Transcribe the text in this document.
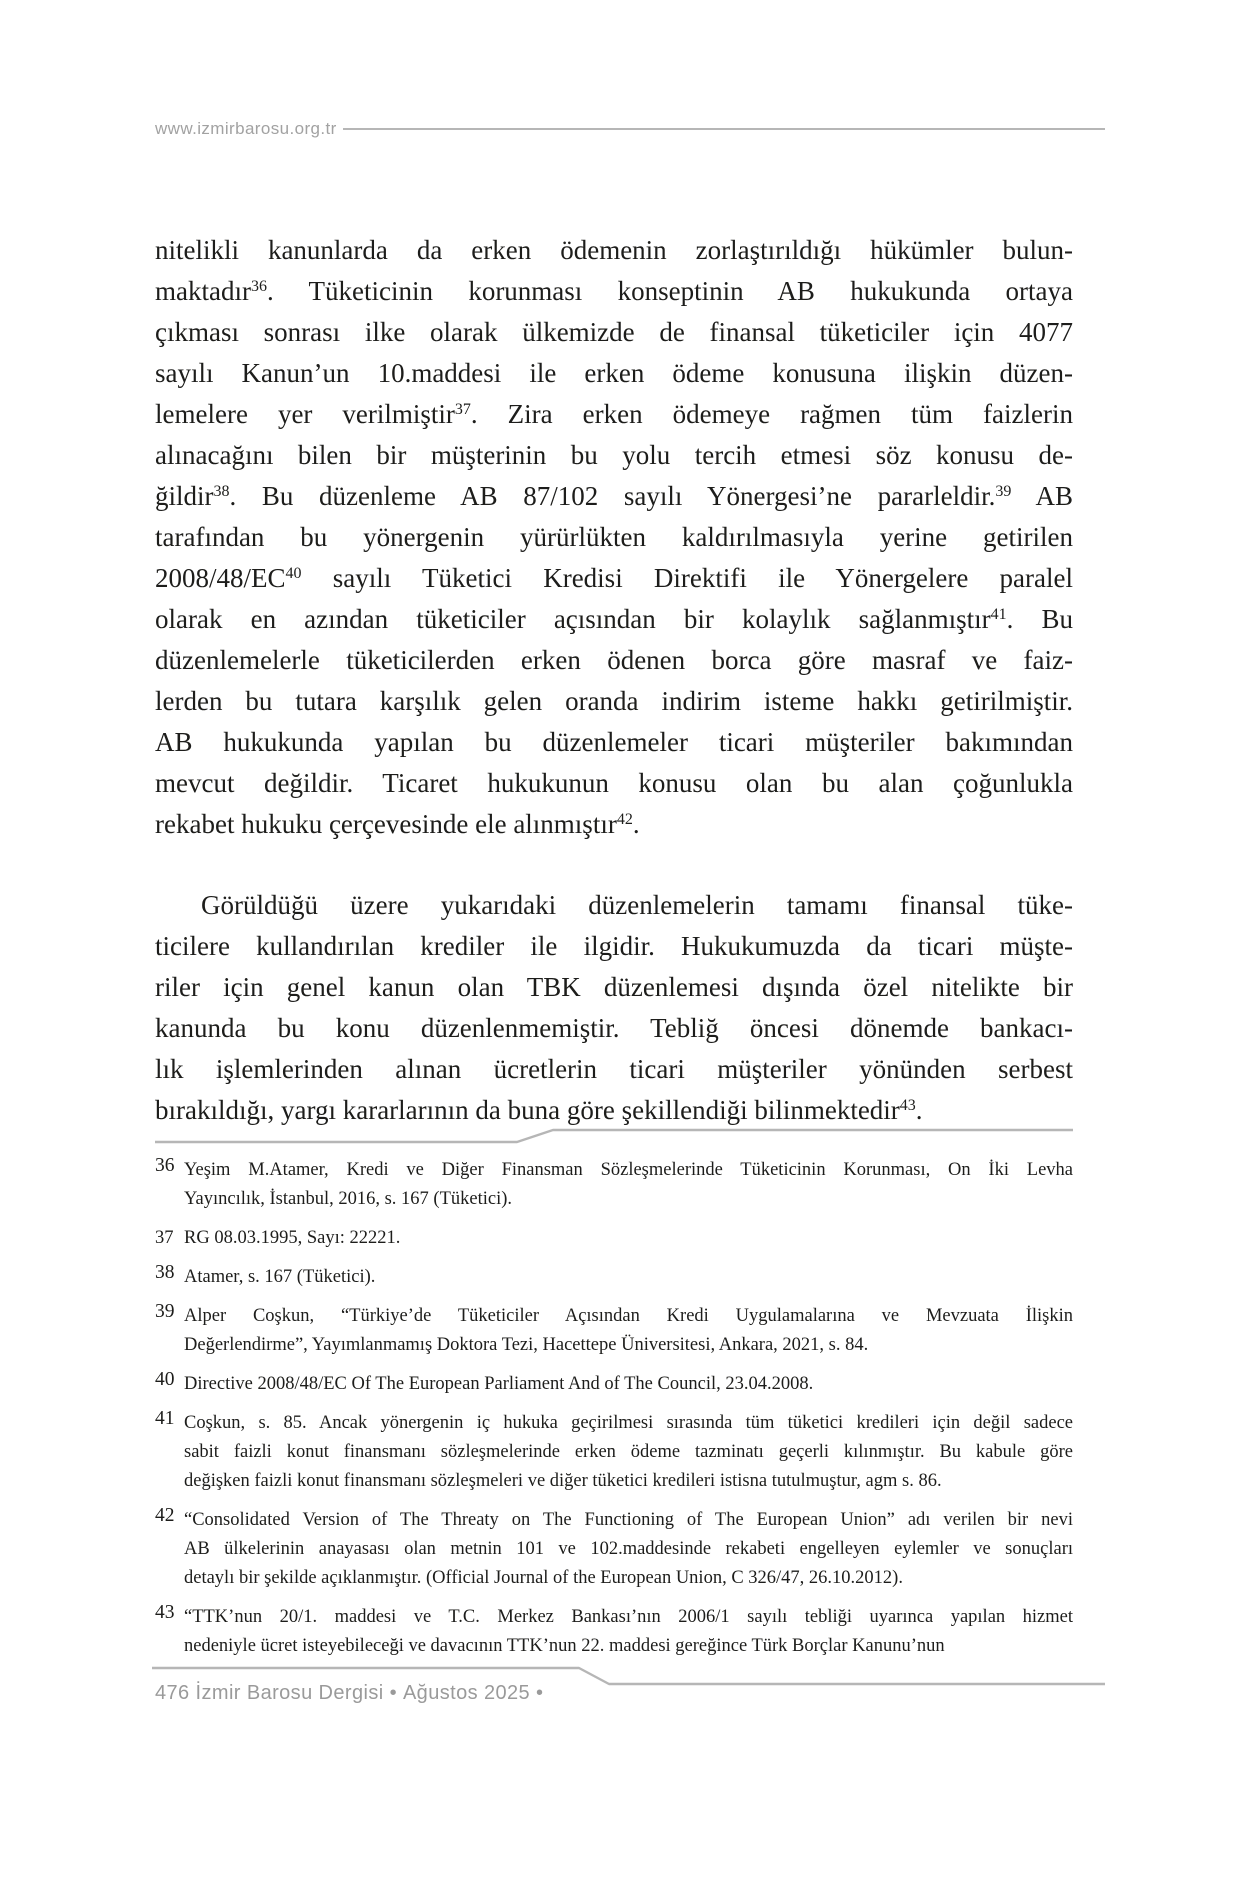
www.izmirbarosu.org.tr
nitelikli kanunlarda da erken ödemenin zorlaştırıldığı hükümler bulun-
maktadır$^{36}$. Tüketicinin korunması konseptinin AB hukukunda ortaya
çıkması sonrası ilke olarak ülkemizde de finansal tüketiciler için 4077
sayılı Kanun’un 10.maddesi ile erken ödeme konusuna ilişkin düzen-
lemelere yer verilmiştir$^{37}$. Zira erken ödemeye rağmen tüm faizlerin
alınacağını bilen bir müşterinin bu yolu tercih etmesi söz konusu de-
ğildir$^{38}$. Bu düzenleme AB 87/102 sayılı Yönergesi’ne pararleldir.$^{39}$ AB
tarafından bu yönergenin yürürlükten kaldırılmasıyla yerine getirilen
2008/48/EC$^{40}$ sayılı Tüketici Kredisi Direktifi ile Yönergelere paralel
olarak en azından tüketiciler açısından bir kolaylık sağlanmıştır$^{41}$. Bu
düzenlemelerle tüketicilerden erken ödenen borca göre masraf ve faiz-
lerden bu tutara karşılık gelen oranda indirim isteme hakkı getirilmiştir.
AB hukukunda yapılan bu düzenlemeler ticari müşteriler bakımından
mevcut değildir. Ticaret hukukunun konusu olan bu alan çoğunlukla
rekabet hukuku çerçevesinde ele alınmıştır$^{42}$.
Görüldüğü üzere yukarıdaki düzenlemelerin tamamı finansal tüke-
ticilere kullandırılan krediler ile ilgidir. Hukukumuzda da ticari müşte-
riler için genel kanun olan TBK düzenlemesi dışında özel nitelikte bir
kanunda bu konu düzenlenmemiştir. Tebliğ öncesi dönemde bankacı-
lık işlemlerinden alınan ücretlerin ticari müşteriler yönünden serbest
bırakıldığı, yargı kararlarının da buna göre şekillendiği bilinmektedir$^{43}$.
36 Yeşim M.Atamer, Kredi ve Diğer Finansman Sözleşmelerinde Tüketicinin Korunması, On İki Levha
Yayıncılık, İstanbul, 2016, s. 167 (Tüketici).
37 RG 08.03.1995, Sayı: 22221.
38 Atamer, s. 167 (Tüketici).
39 Alper Coşkun, “Türkiye’de Tüketiciler Açısından Kredi Uygulamalarına ve Mevzuata İlişkin
Değerlendirme”, Yayımlanmamış Doktora Tezi, Hacettepe Üniversitesi, Ankara, 2021, s. 84.
40 Directive 2008/48/EC Of The European Parliament And of The Council, 23.04.2008.
41 Coşkun, s. 85. Ancak yönergenin iç hukuka geçirilmesi sırasında tüm tüketici kredileri için değil sadece
sabit faizli konut finansmanı sözleşmelerinde erken ödeme tazminatı geçerli kılınmıştır. Bu kabule göre
değişken faizli konut finansmanı sözleşmeleri ve diğer tüketici kredileri istisna tutulmuştur, agm s. 86.
42 “Consolidated Version of The Threaty on The Functioning of The European Union” adı verilen bir nevi
AB ülkelerinin anayasası olan metnin 101 ve 102.maddesinde rekabeti engelleyen eylemler ve sonuçları
detaylı bir şekilde açıklanmıştır. (Official Journal of the European Union, C 326/47, 26.10.2012).
43 “TTK’nun 20/1. maddesi ve T.C. Merkez Bankası’nın 2006/1 sayılı tebliği uyarınca yapılan hizmet
nedeniyle ücret isteyebileceği ve davacının TTK’nun 22. maddesi gereğince Türk Borçlar Kanunu’nun
476
İzmir Barosu Dergisi
•
Ağustos 2025
•
